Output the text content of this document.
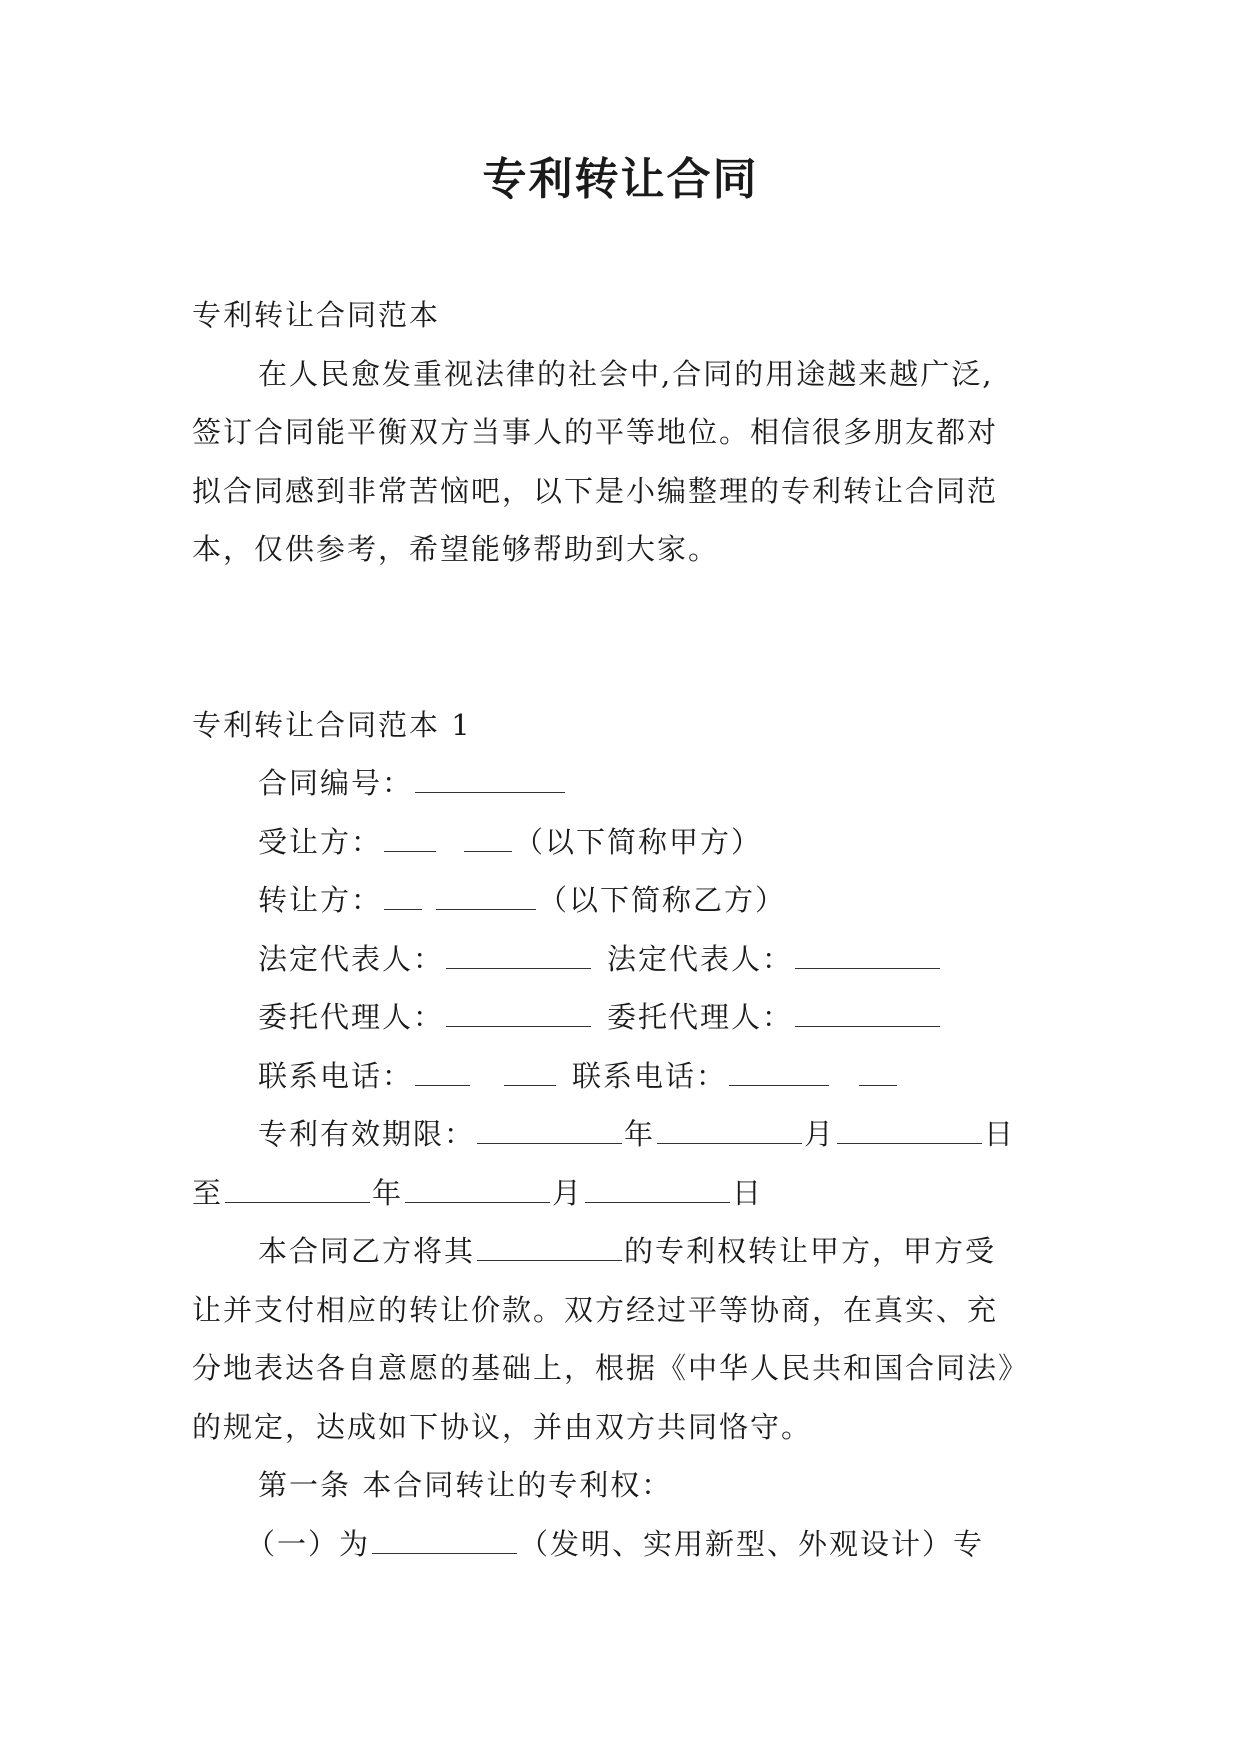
专利转让合同

专利转让合同范本

在人民愈发重视法律的社会中,合同的用途越来越广泛,

签订合同能平衡双方当事人的平等地位。相信很多朋友都对

拟合同感到非常苦恼吧，以下是小编整理的专利转让合同范

本，仅供参考，希望能够帮助到大家。

专利转让合同范本 1

合同编号：

受让方：	（以下简称甲方）

转让方：	（以下简称乙方）

法定代表人：	法定代表人：

委托代理人：	委托代理人：

联系电话：	联系电话：

专利有效期限：	年	月	日

至	年	月	日

本合同乙方将其	的专利权转让甲方，甲方受

让并支付相应的转让价款。双方经过平等协商，在真实、充

分地表达各自意愿的基础上，根据《中华人民共和国合同法》

的规定，达成如下协议，并由双方共同恪守。

第一条 本合同转让的专利权：

（一）为	（发明、实用新型、外观设计）专
